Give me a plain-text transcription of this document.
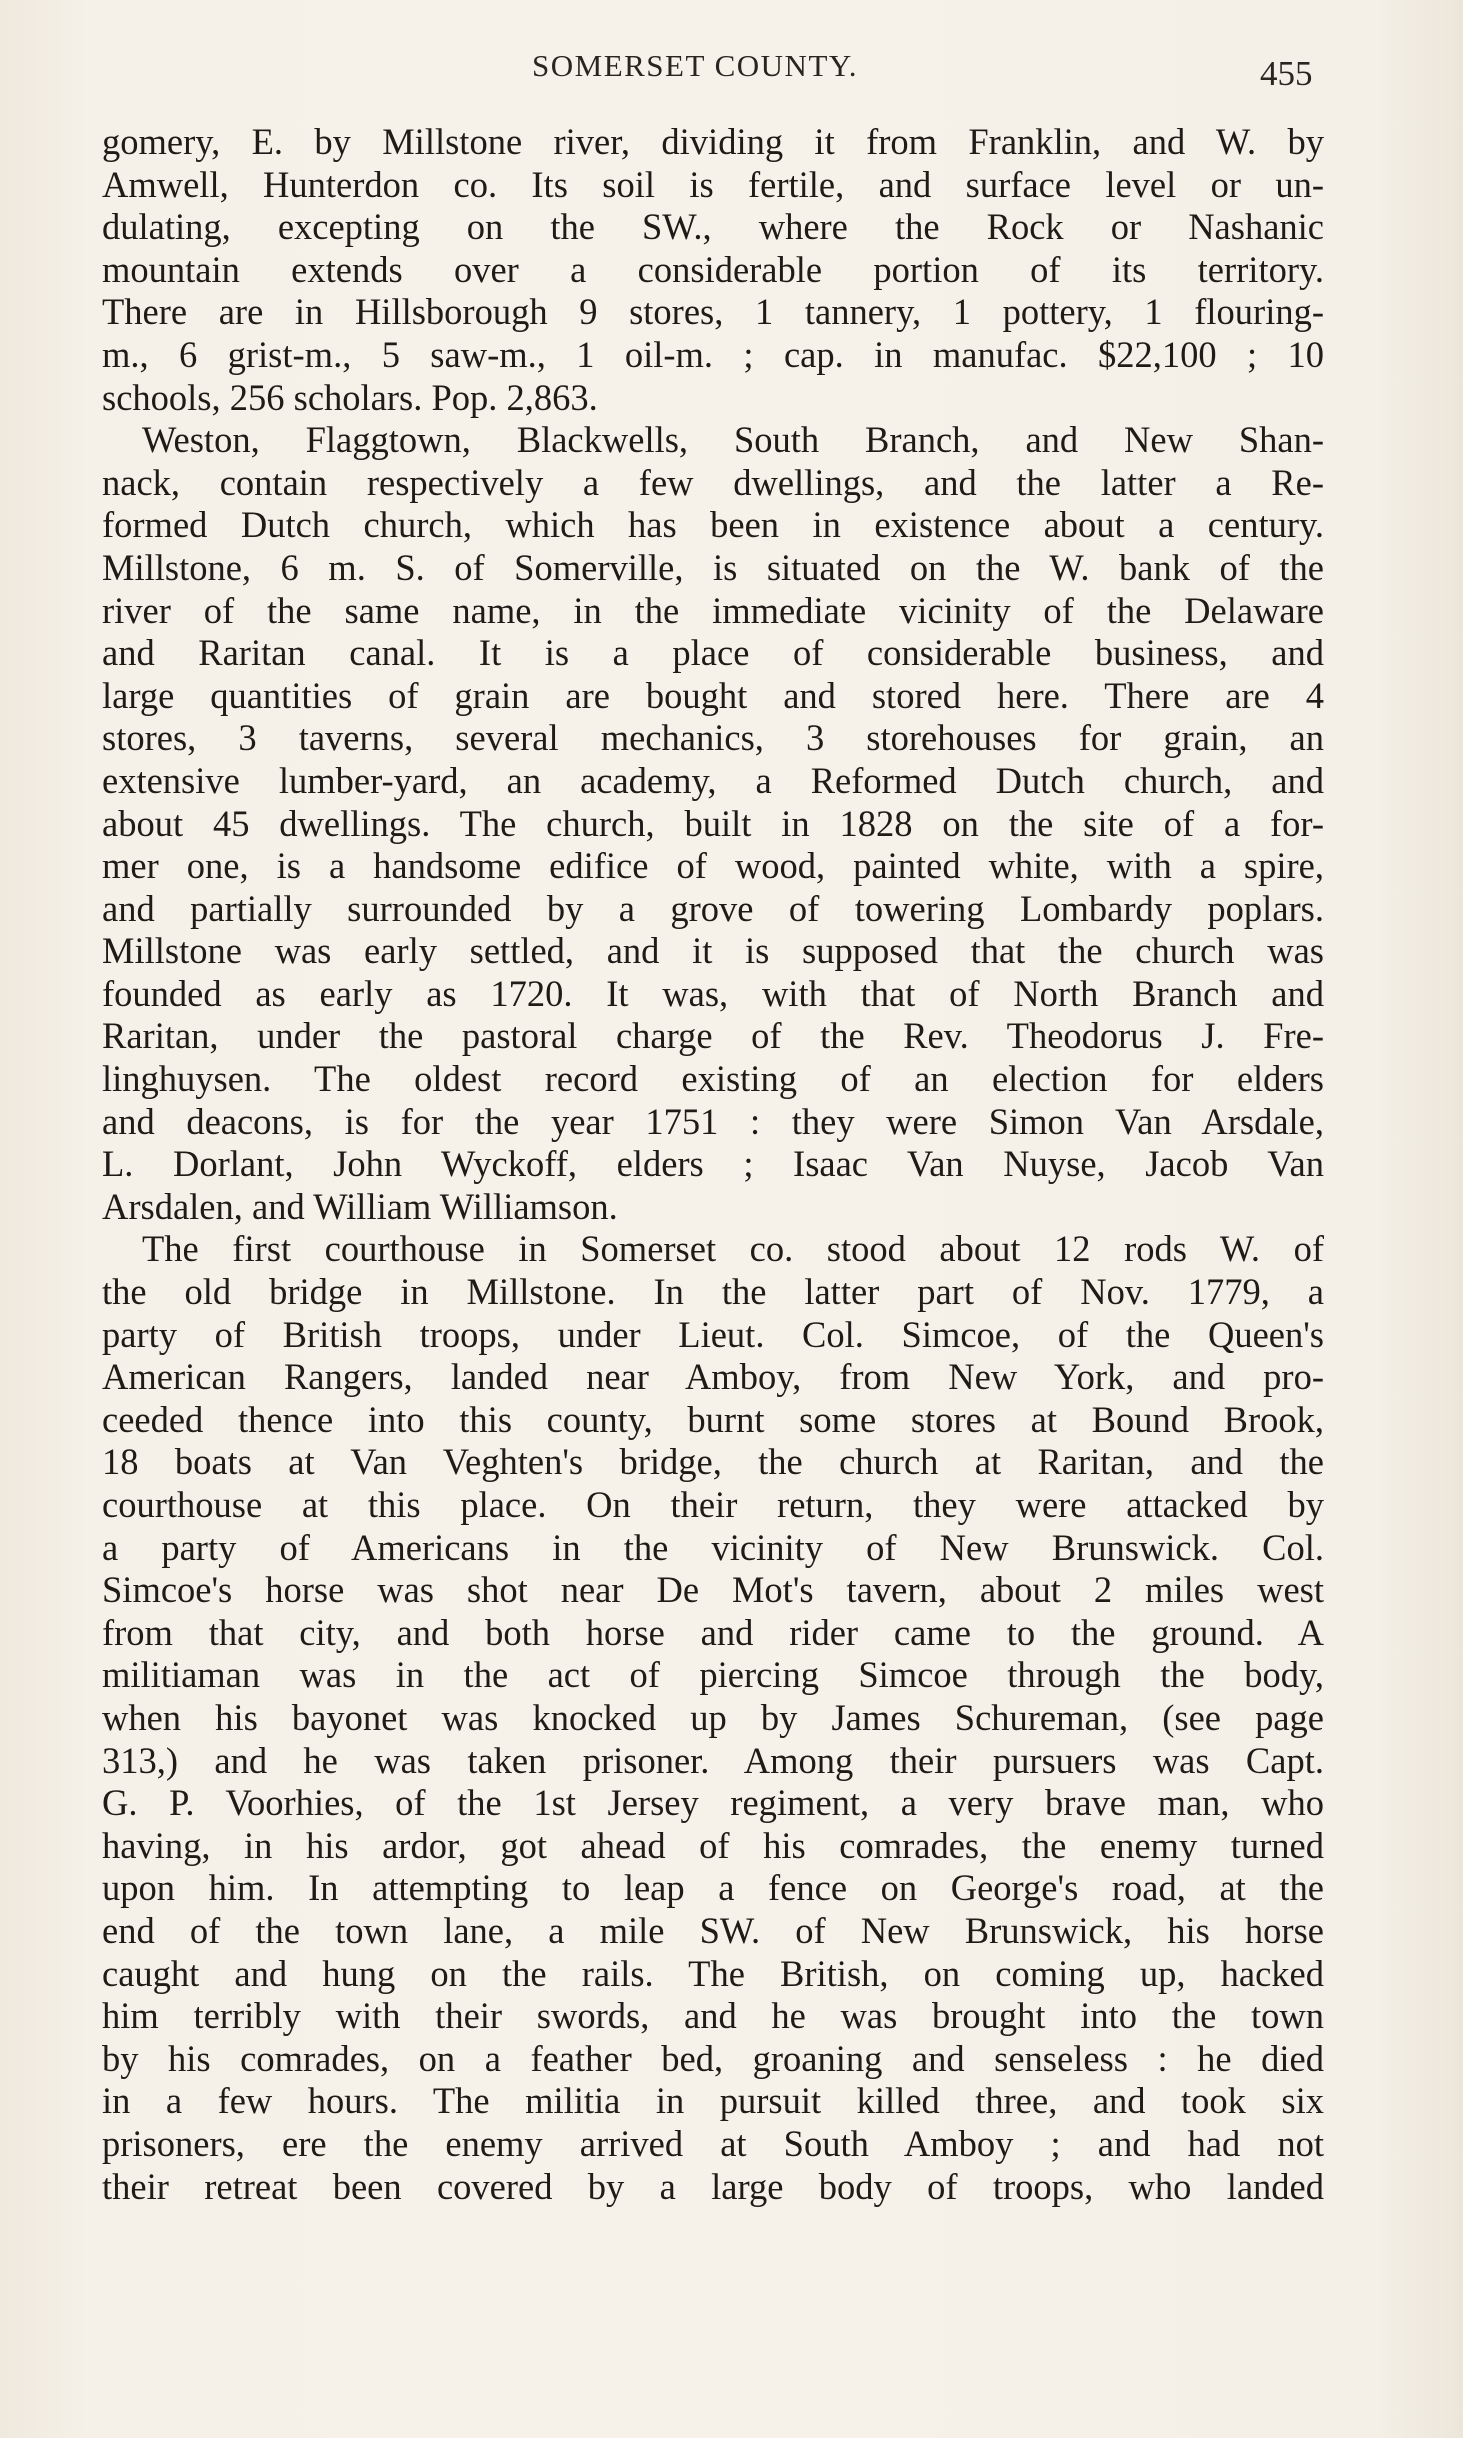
SOMERSET COUNTY.	455
gomery, E. by Millstone river, dividing it from Franklin, and W. by
Amwell, Hunterdon co. Its soil is fertile, and surface level or un-
dulating, excepting on the SW., where the Rock or Nashanic
mountain extends over a considerable portion of its territory.
There are in Hillsborough 9 stores, 1 tannery, 1 pottery, 1 flouring-
m., 6 grist-m., 5 saw-m., 1 oil-m. ; cap. in manufac. $22,100 ; 10
schools, 256 scholars. Pop. 2,863.
Weston, Flaggtown, Blackwells, South Branch, and New Shan-
nack, contain respectively a few dwellings, and the latter a Re-
formed Dutch church, which has been in existence about a century.
Millstone, 6 m. S. of Somerville, is situated on the W. bank of the
river of the same name, in the immediate vicinity of the Delaware
and Raritan canal. It is a place of considerable business, and
large quantities of grain are bought and stored here. There are 4
stores, 3 taverns, several mechanics, 3 storehouses for grain, an
extensive lumber-yard, an academy, a Reformed Dutch church, and
about 45 dwellings. The church, built in 1828 on the site of a for-
mer one, is a handsome edifice of wood, painted white, with a spire,
and partially surrounded by a grove of towering Lombardy poplars.
Millstone was early settled, and it is supposed that the church was
founded as early as 1720. It was, with that of North Branch and
Raritan, under the pastoral charge of the Rev. Theodorus J. Fre-
linghuysen. The oldest record existing of an election for elders
and deacons, is for the year 1751 : they were Simon Van Arsdale,
L. Dorlant, John Wyckoff, elders ; Isaac Van Nuyse, Jacob Van
Arsdalen, and William Williamson.
The first courthouse in Somerset co. stood about 12 rods W. of
the old bridge in Millstone. In the latter part of Nov. 1779, a
party of British troops, under Lieut. Col. Simcoe, of the Queen's
American Rangers, landed near Amboy, from New York, and pro-
ceeded thence into this county, burnt some stores at Bound Brook,
18 boats at Van Veghten's bridge, the church at Raritan, and the
courthouse at this place. On their return, they were attacked by
a party of Americans in the vicinity of New Brunswick. Col.
Simcoe's horse was shot near De Mot's tavern, about 2 miles west
from that city, and both horse and rider came to the ground. A
militiaman was in the act of piercing Simcoe through the body,
when his bayonet was knocked up by James Schureman, (see page
313,) and he was taken prisoner. Among their pursuers was Capt.
G. P. Voorhies, of the 1st Jersey regiment, a very brave man, who
having, in his ardor, got ahead of his comrades, the enemy turned
upon him. In attempting to leap a fence on George's road, at the
end of the town lane, a mile SW. of New Brunswick, his horse
caught and hung on the rails. The British, on coming up, hacked
him terribly with their swords, and he was brought into the town
by his comrades, on a feather bed, groaning and senseless : he died
in a few hours. The militia in pursuit killed three, and took six
prisoners, ere the enemy arrived at South Amboy ; and had not
their retreat been covered by a large body of troops, who landed
